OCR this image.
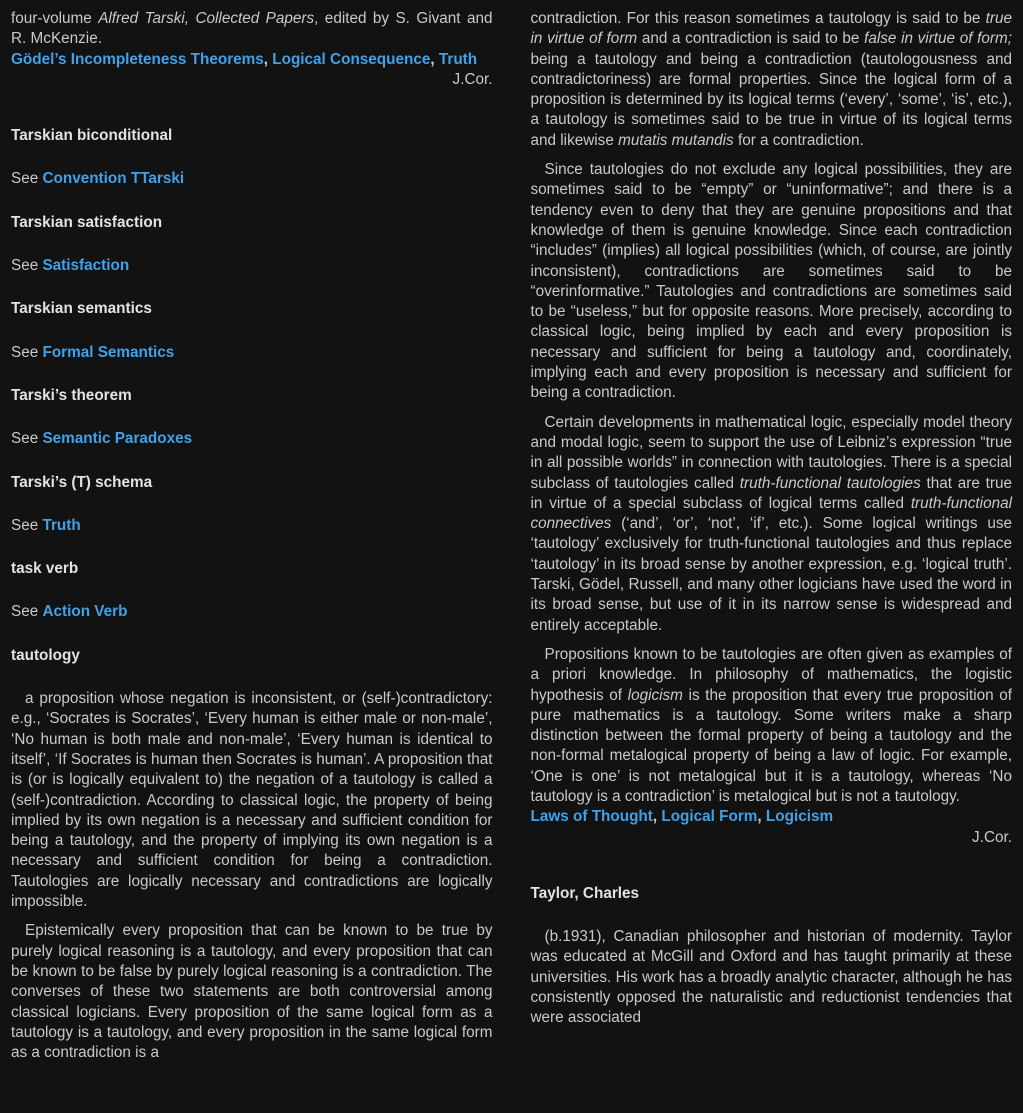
four-volume Alfred Tarski, Collected Papers, edited by S. Givant and R. McKenzie.

Gödel’s Incompleteness Theorems, Logical Consequence, Truth

J.Cor.

Tarskian biconditional

See Convention TTarski

Tarskian satisfaction

See Satisfaction

Tarskian semantics

See Formal Semantics

Tarski’s theorem

See Semantic Paradoxes

Tarski’s (T) schema

See Truth

task verb

See Action Verb

tautology

a proposition whose negation is inconsistent, or (self-)contradictory: e.g., ‘Socrates is Socrates’, ‘Every human is either male or non-male’, ‘No human is both male and non-male’, ‘Every human is identical to itself’, ‘If Socrates is human then Socrates is human’. A proposition that is (or is logically equivalent to) the negation of a tautology is called a (self-)contradiction. According to classical logic, the property of being implied by its own negation is a necessary and sufficient condition for being a tautology, and the property of implying its own negation is a necessary and sufficient condition for being a contradiction. Tautologies are logically necessary and contradictions are logically impossible.

Epistemically every proposition that can be known to be true by purely logical reasoning is a tautology, and every proposition that can be known to be false by purely logical reasoning is a contradiction. The converses of these two statements are both controversial among classical logicians. Every proposition of the same logical form as a tautology is a tautology, and every proposition in the same logical form as a contradiction is a

contradiction. For this reason sometimes a tautology is said to be true in virtue of form and a contradiction is said to be false in virtue of form; being a tautology and being a contradiction (tautologousness and contradictoriness) are formal properties. Since the logical form of a proposition is determined by its logical terms (‘every’, ‘some’, ‘is’, etc.), a tautology is sometimes said to be true in virtue of its logical terms and likewise mutatis mutandis for a contradiction.

Since tautologies do not exclude any logical possibilities, they are sometimes said to be “empty” or “uninformative”; and there is a tendency even to deny that they are genuine propositions and that knowledge of them is genuine knowledge. Since each contradiction “includes” (implies) all logical possibilities (which, of course, are jointly inconsistent), contradictions are sometimes said to be “overinformative.” Tautologies and contradictions are sometimes said to be “useless,” but for opposite reasons. More precisely, according to classical logic, being implied by each and every proposition is necessary and sufficient for being a tautology and, coordinately, implying each and every proposition is necessary and sufficient for being a contradiction.

Certain developments in mathematical logic, especially model theory and modal logic, seem to support the use of Leibniz’s expression “true in all possible worlds” in connection with tautologies. There is a special subclass of tautologies called truth-functional tautologies that are true in virtue of a special subclass of logical terms called truth-functional connectives (‘and’, ‘or’, ‘not’, ‘if’, etc.). Some logical writings use ‘tautology’ exclusively for truth-functional tautologies and thus replace ‘tautology’ in its broad sense by another expression, e.g. ‘logical truth’. Tarski, Gödel, Russell, and many other logicians have used the word in its broad sense, but use of it in its narrow sense is widespread and entirely acceptable.

Propositions known to be tautologies are often given as examples of a priori knowledge. In philosophy of mathematics, the logistic hypothesis of logicism is the proposition that every true proposition of pure mathematics is a tautology. Some writers make a sharp distinction between the formal property of being a tautology and the non-formal metalogical property of being a law of logic. For example, ‘One is one’ is not metalogical but it is a tautology, whereas ‘No tautology is a contradiction’ is metalogical but is not a tautology.

Laws of Thought, Logical Form, Logicism

J.Cor.

Taylor, Charles

(b.1931), Canadian philosopher and historian of modernity. Taylor was educated at McGill and Oxford and has taught primarily at these universities. His work has a broadly analytic character, although he has consistently opposed the naturalistic and reductionist tendencies that were associated
